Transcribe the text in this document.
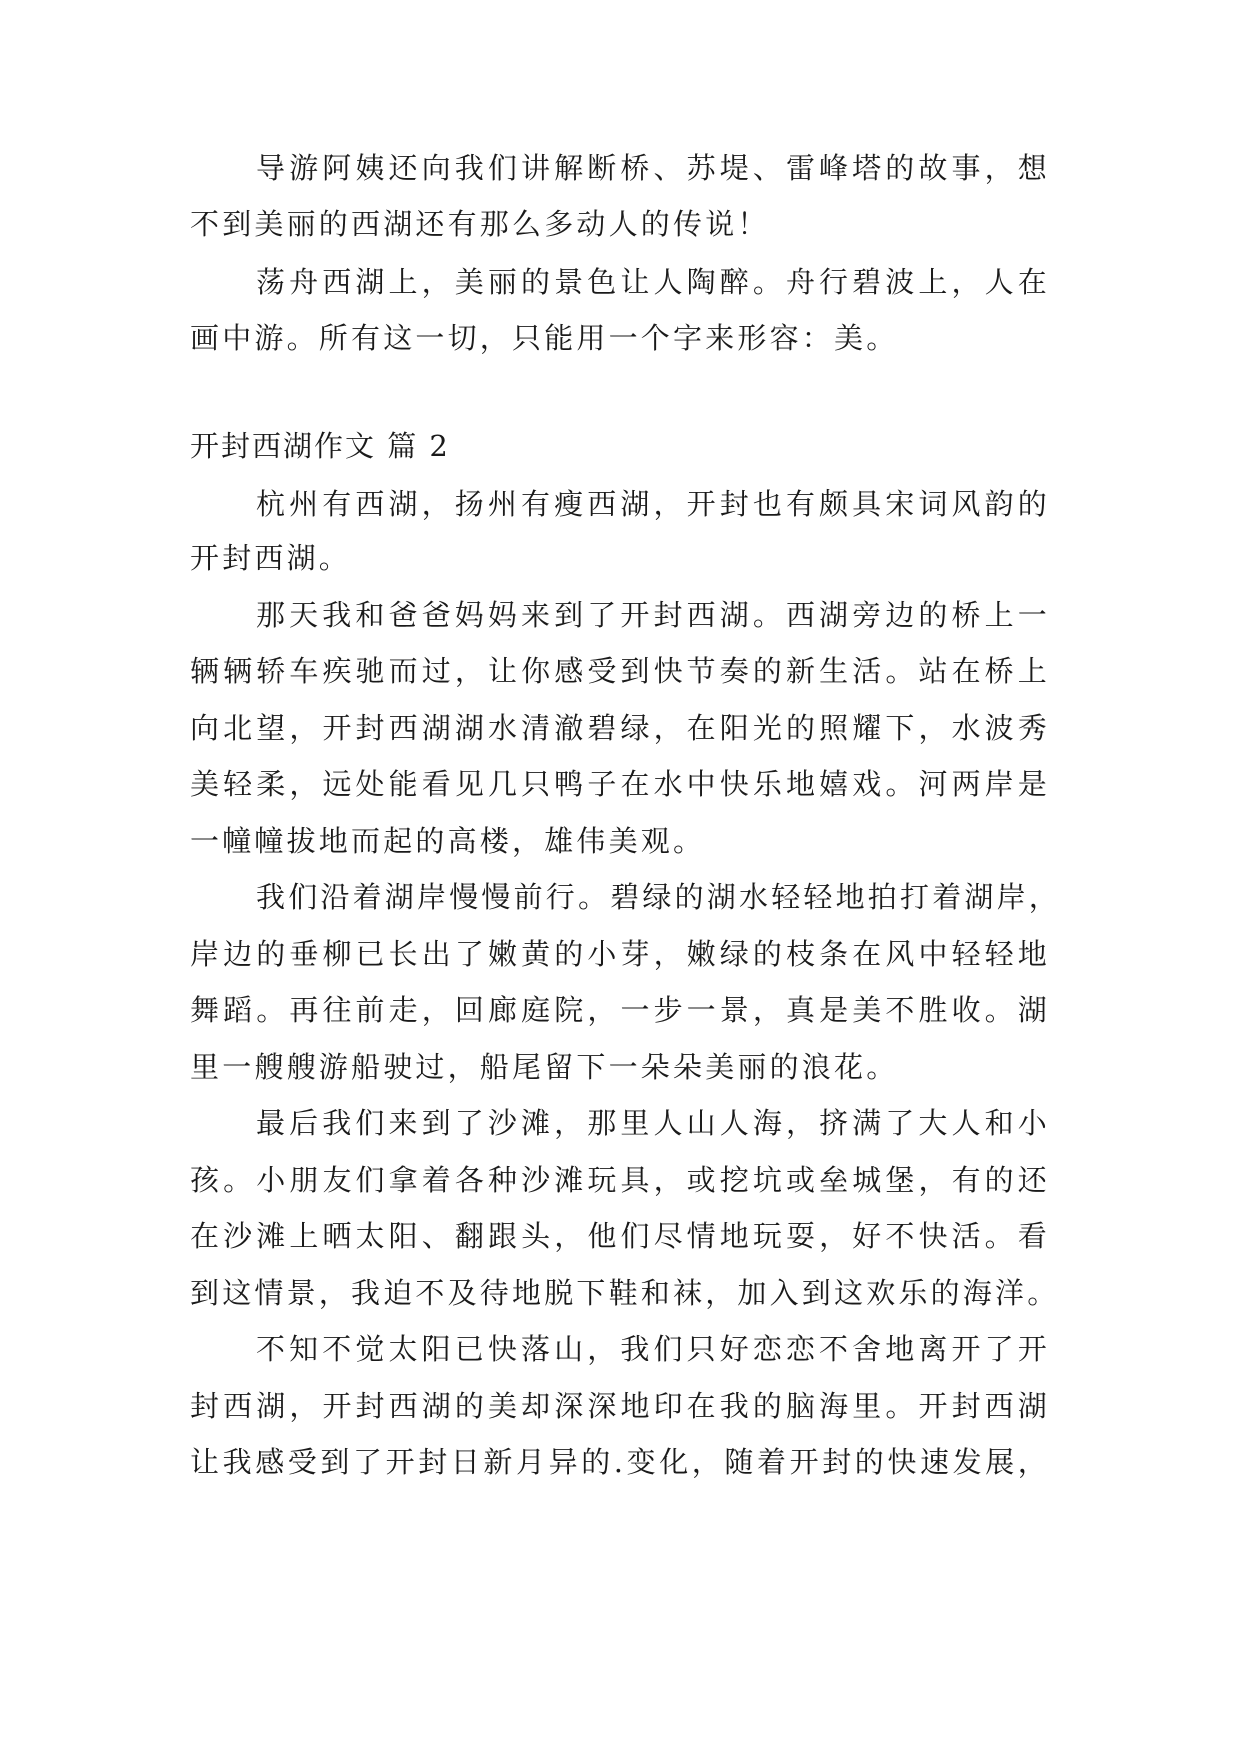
导游阿姨还向我们讲解断桥、苏堤、雷峰塔的故事，想
不到美丽的西湖还有那么多动人的传说！
荡舟西湖上，美丽的景色让人陶醉。舟行碧波上，人在
画中游。所有这一切，只能用一个字来形容：美。
开封西湖作文 篇 2
杭州有西湖，扬州有瘦西湖，开封也有颇具宋词风韵的
开封西湖。
那天我和爸爸妈妈来到了开封西湖。西湖旁边的桥上一
辆辆轿车疾驰而过，让你感受到快节奏的新生活。站在桥上
向北望，开封西湖湖水清澈碧绿，在阳光的照耀下，水波秀
美轻柔，远处能看见几只鸭子在水中快乐地嬉戏。河两岸是
一幢幢拔地而起的高楼，雄伟美观。
我们沿着湖岸慢慢前行。碧绿的湖水轻轻地拍打着湖岸，
岸边的垂柳已长出了嫩黄的小芽，嫩绿的枝条在风中轻轻地
舞蹈。再往前走，回廊庭院，一步一景，真是美不胜收。湖
里一艘艘游船驶过，船尾留下一朵朵美丽的浪花。
最后我们来到了沙滩，那里人山人海，挤满了大人和小
孩。小朋友们拿着各种沙滩玩具，或挖坑或垒城堡，有的还
在沙滩上晒太阳、翻跟头，他们尽情地玩耍，好不快活。看
到这情景，我迫不及待地脱下鞋和袜，加入到这欢乐的海洋。
不知不觉太阳已快落山，我们只好恋恋不舍地离开了开
封西湖，开封西湖的美却深深地印在我的脑海里。开封西湖
让我感受到了开封日新月异的.变化，随着开封的快速发展，
